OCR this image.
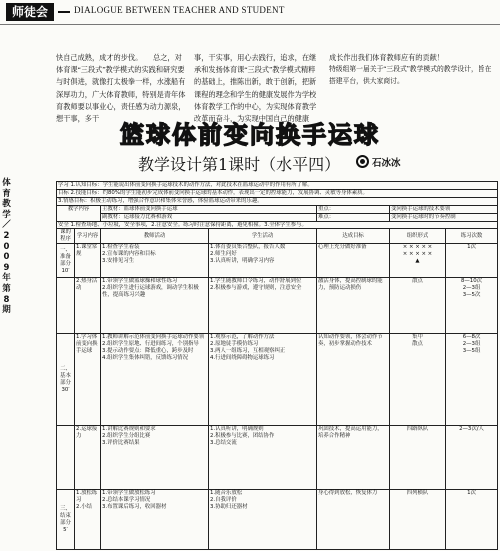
师徒会	DIALOGUE BETWEEN TEACHER AND STUDENT
快自己成熟，成才的步伐。　　总之，对体育课“三段式”教学模式的实践和研究要与时俱进，就像打太极拳一样，水涨船有深厚功力，广大体育教师，特别是青年体育教师要以事业心，责任感为动力源泉，想干事，多干
事，干实事，用心去践行，追求，在继承和发扬体育课“三段式”教学模式精粹的基础上，推陈出新，敢于创新，把新课程的理念和学生的健康发展作为学校体育教学工作的中心，为实现体育教学改革而奋斗，为实现中国自己的健康
成长作出我们体育教师应有的贡献！
特级组第一届关于“三段式”教学模式的教学设计，旨在搭建平台，供大家商讨。
体
育
教
学
／
2
0
0
9
年
第
8
期
篮球体前变向换手运球
教学设计第1课时（水平四）	石冰冰
学习 1.认知目标：学生能说出体前变向换手运球技术的动作方法，对此技术在篮球运动中的作用有所了解。						
目标 2.技能目标：约80%的学生能初步完成体前变向换手运球的基本动作，表现出一定的控球能力，发展协调、灵敏等身体素质。						
3.情感目标：积极主动练习，增强合作意识和集体荣誉感，体验篮球运动带来的乐趣。						
教学内容		主教材：篮球体前变向换手运球		重点：	变向换手运球的技术要领	
		副教材：运球接力比赛和游戏		难点：	变向换手运球时的节奏控制	
安全 1.检查场地、小垃圾，安全事项，2.注意安全。练习时注意保持距离，避免相撞。3.全体学生参与。						
课的程序	学习内容	教师活动	学生活动	达成目标	组织形式	练习次数
一、准备部分 10′	1.课堂常规	1.检查学生着装
2.宣布课的内容和目标
3.安排见习生	1.体育委员集合整队，报告人数
2.师生问好
3.认真听讲，明确学习内容	心理上充分做好准备	× × × × ×
× × × × ×
▲	1次
	2.热身活动	1.带领学生做篮球操和球性练习
2.组织学生进行运球游戏，调动学生积极性，提高练习兴趣	1.学生随教师口令练习，动作舒展到位
2.积极参与游戏，遵守规则，注意安全	激活身体，提高控制球的能力，预防运动损伤	散点	8—10次
2—3组
3—5次
二、基本部分 30′	1.学习体前变向换手运球	1.教师讲解示范体前变向换手运球动作要领
2.组织学生原地、行进间练习，个别指导
3.提示动作要点：降低重心，跨步及时
4.组织学生集体纠错，反馈练习情况	1.观察示范，了解动作方法
2.原地徒手模仿练习
3.两人一组练习，互相观察纠正
4.行进间绕障碍物运球练习	认知动作要领，体会动作节奏，初步掌握动作技术	集中
散点	6—8次
2—3组
3—5组
	2.运球接力	1.讲解比赛规则和要求
2.组织学生分组比赛
3.评价比赛结果	1.认真听讲，明确规则
2.积极参与比赛，团结协作
3.总结交流	巩固技术，提高运用能力，培养合作精神	四路纵队	2—3次/人
三、结束部分 5′	1.放松练习
2.小结	1.带领学生做放松练习
2.总结本课学习情况
3.布置课后练习，收回器材	1.随音乐放松
2.自我评价
3.协助归还器材	身心得到放松，恢复体力	四列横队	1次
